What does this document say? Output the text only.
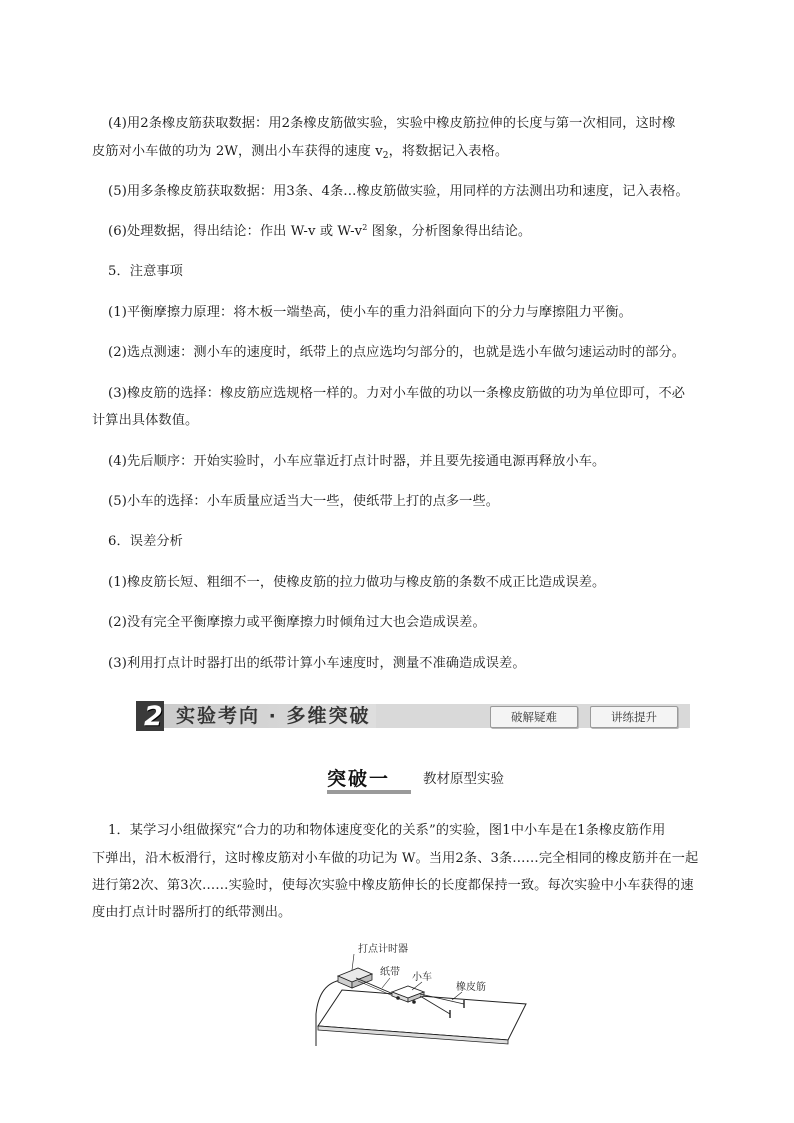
(4)用2条橡皮筋获取数据：用2条橡皮筋做实验，实验中橡皮筋拉伸的长度与第一次相同，这时橡
皮筋对小车做的功为 2W，测出小车获得的速度 $v_2$，将数据记入表格。
(5)用多条橡皮筋获取数据：用3条、4条…橡皮筋做实验，用同样的方法测出功和速度，记入表格。
(6)处理数据，得出结论：作出 W-v 或 $W-v^2$ 图象，分析图象得出结论。
5．注意事项
(1)平衡摩擦力原理：将木板一端垫高，使小车的重力沿斜面向下的分力与摩擦阻力平衡。
(2)选点测速：测小车的速度时，纸带上的点应选均匀部分的，也就是选小车做匀速运动时的部分。
(3)橡皮筋的选择：橡皮筋应选规格一样的。力对小车做的功以一条橡皮筋做的功为单位即可，不必
计算出具体数值。
(4)先后顺序：开始实验时，小车应靠近打点计时器，并且要先接通电源再释放小车。
(5)小车的选择：小车质量应适当大一些，使纸带上打的点多一些。
6．误差分析
(1)橡皮筋长短、粗细不一，使橡皮筋的拉力做功与橡皮筋的条数不成正比造成误差。
(2)没有完全平衡摩擦力或平衡摩擦力时倾角过大也会造成误差。
(3)利用打点计时器打出的纸带计算小车速度时，测量不准确造成误差。
2 实验考向 · 多维突破	破解疑难	讲练提升
突破一 教材原型实验
1．某学习小组做探究“合力的功和物体速度变化的关系”的实验，图1中小车是在1条橡皮筋作用
下弹出，沿木板滑行，这时橡皮筋对小车做的功记为 W。当用2条、3条……完全相同的橡皮筋并在一起
进行第2次、第3次……实验时，使每次实验中橡皮筋伸长的长度都保持一致。每次实验中小车获得的速
度由打点计时器所打的纸带测出。
打点计时器
纸带 小车
橡皮筋
